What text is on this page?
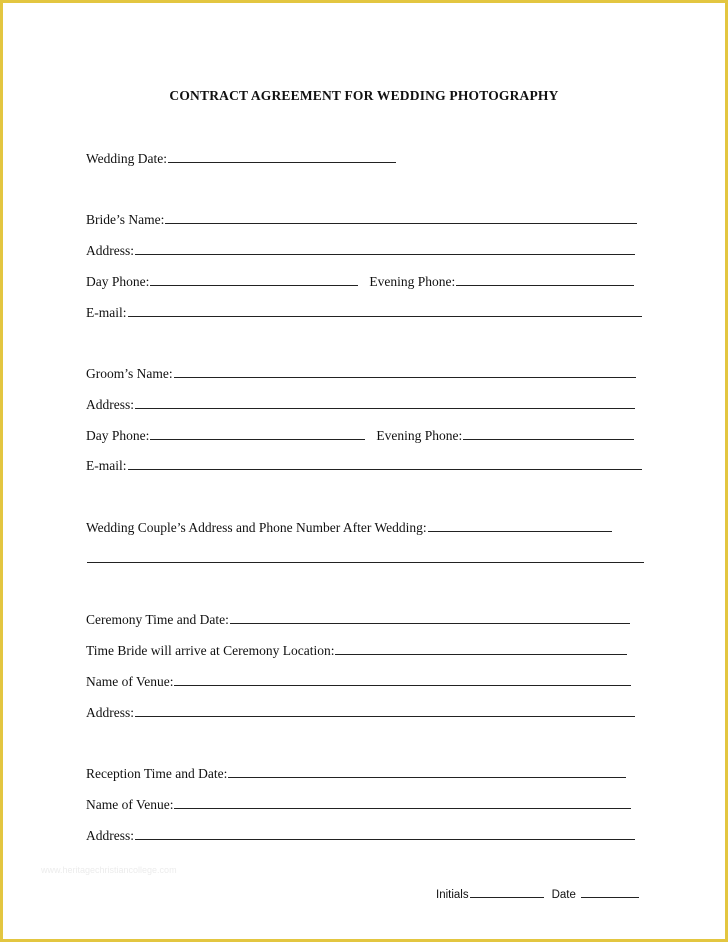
CONTRACT AGREEMENT FOR WEDDING PHOTOGRAPHY
Wedding Date:
Bride’s Name:
Address:
Day Phone:	Evening Phone:
E-mail:
Groom’s Name:
Address:
Day Phone:	Evening Phone:
E-mail:
Wedding Couple’s Address and Phone Number After Wedding:
Ceremony Time and Date:
Time Bride will arrive at Ceremony Location:
Name of Venue:
Address:
Reception Time and Date:
Name of Venue:
Address:
www.heritagechristiancollege.com
Initials	Date
